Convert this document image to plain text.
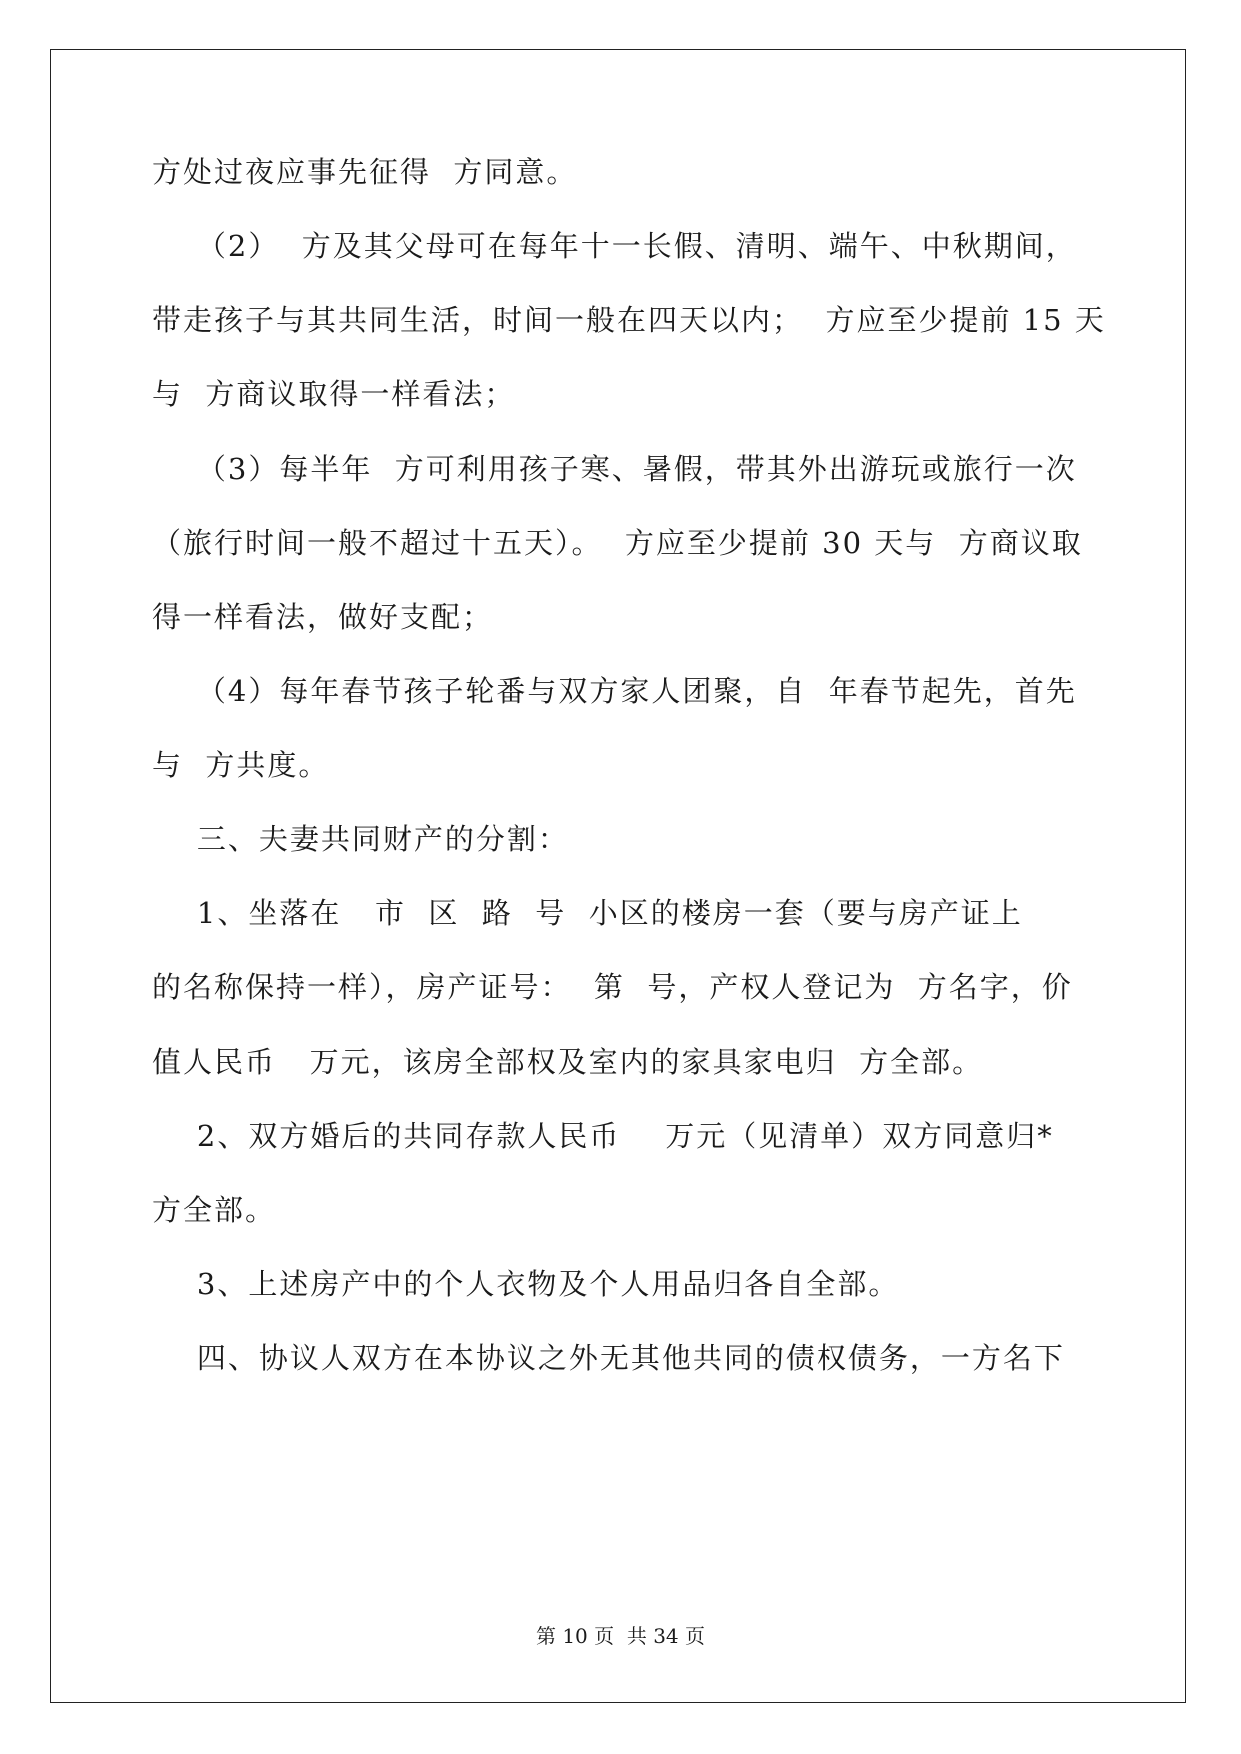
方处过夜应事先征得  方同意。
（2）  方及其父母可在每年十一长假、清明、端午、中秋期间，
带走孩子与其共同生活，时间一般在四天以内；  方应至少提前 15 天
与  方商议取得一样看法；
（3）每半年  方可利用孩子寒、暑假，带其外出游玩或旅行一次
（旅行时间一般不超过十五天）。  方应至少提前 30 天与  方商议取
得一样看法，做好支配；
（4）每年春节孩子轮番与双方家人团聚，自  年春节起先，首先
与  方共度。
三、夫妻共同财产的分割：
1、坐落在   市  区  路  号  小区的楼房一套（要与房产证上
的名称保持一样），房产证号：  第  号，产权人登记为  方名字，价
值人民币   万元，该房全部权及室内的家具家电归  方全部。
2、双方婚后的共同存款人民币    万元（见清单）双方同意归*
方全部。
3、上述房产中的个人衣物及个人用品归各自全部。
四、协议人双方在本协议之外无其他共同的债权债务，一方名下
第 10 页  共 34 页
